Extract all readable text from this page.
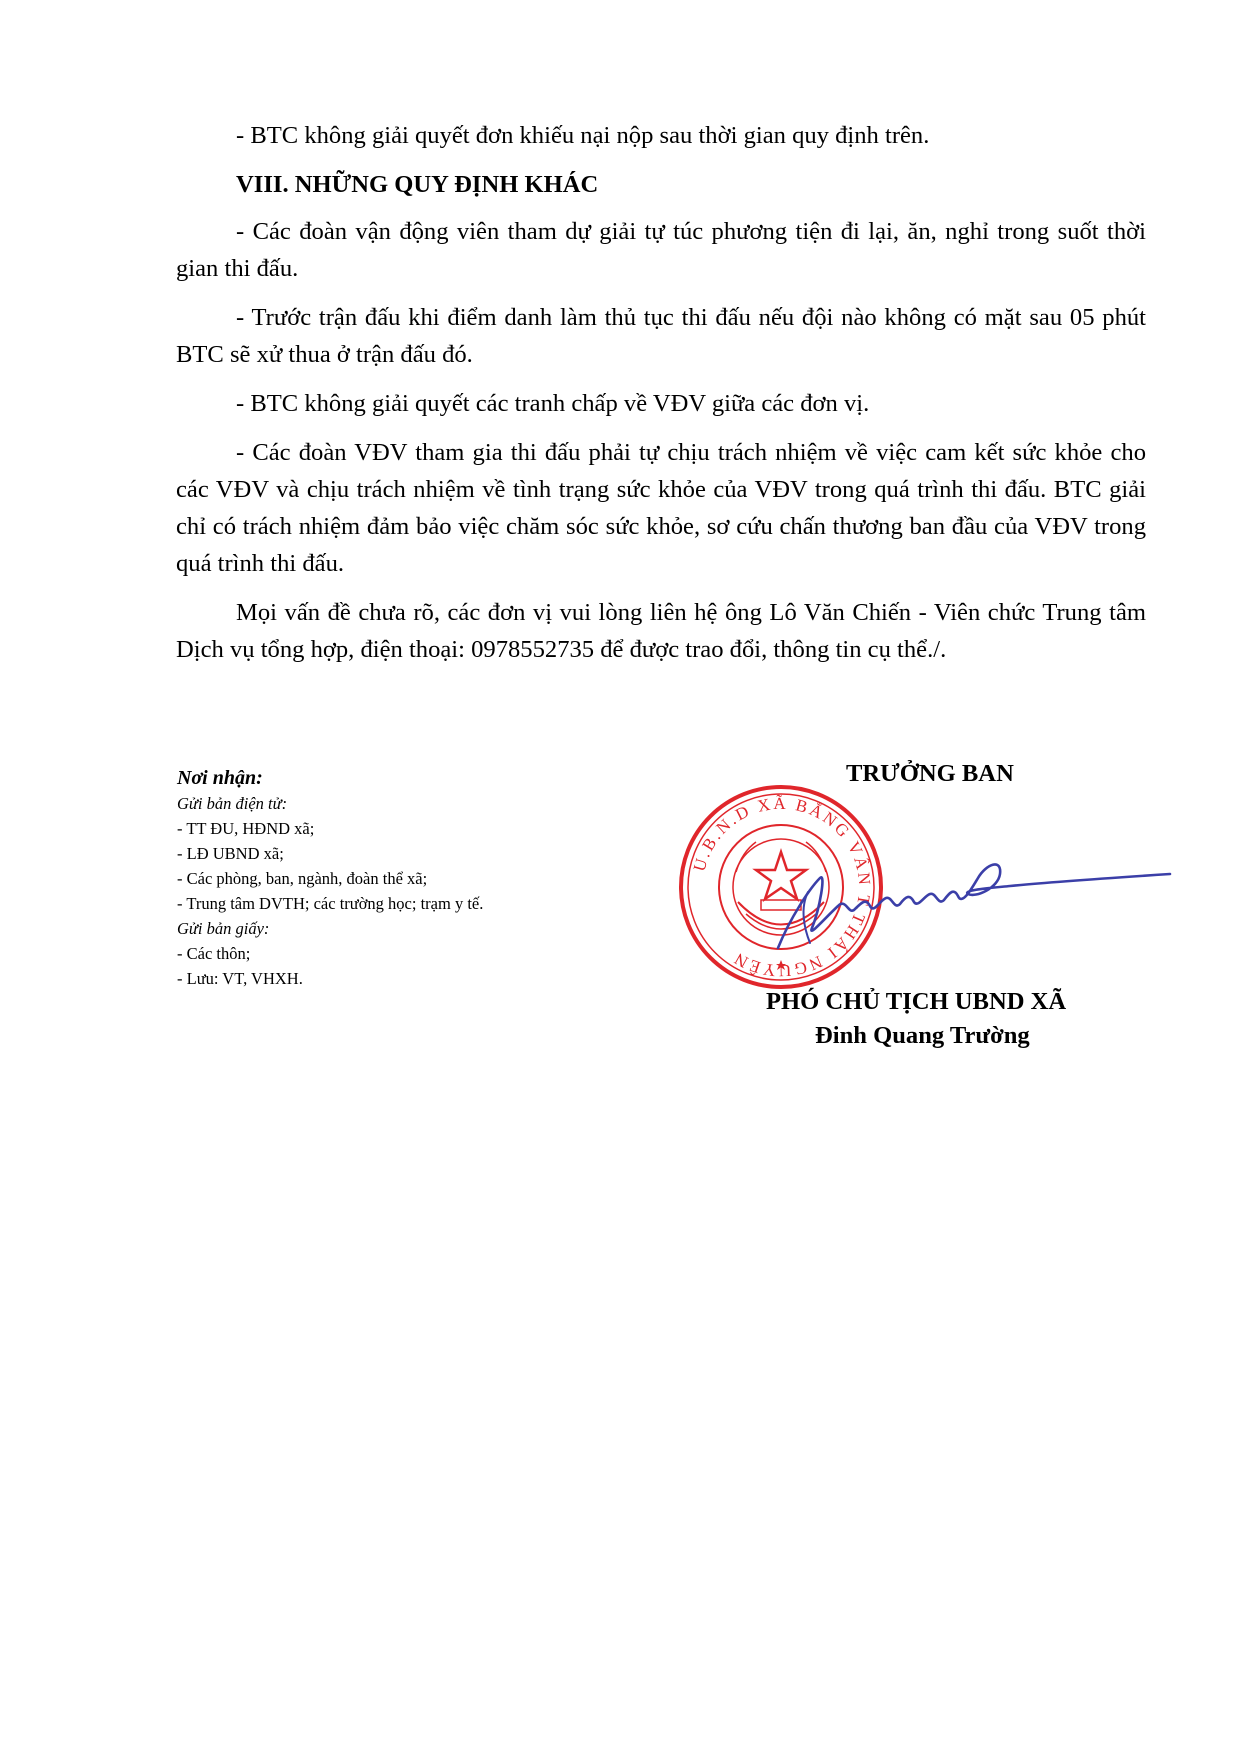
- BTC không giải quyết đơn khiếu nại nộp sau thời gian quy định trên.

VIII. NHỮNG QUY ĐỊNH KHÁC

- Các đoàn vận động viên tham dự giải tự túc phương tiện đi lại, ăn, nghỉ trong suốt thời gian thi đấu.

- Trước trận đấu khi điểm danh làm thủ tục thi đấu nếu đội nào không có mặt sau 05 phút BTC sẽ xử thua ở trận đấu đó.

- BTC không giải quyết các tranh chấp về VĐV giữa các đơn vị.

- Các đoàn VĐV tham gia thi đấu phải tự chịu trách nhiệm về việc cam kết sức khỏe cho các VĐV và chịu trách nhiệm về tình trạng sức khỏe của VĐV trong quá trình thi đấu. BTC giải chỉ có trách nhiệm đảm bảo việc chăm sóc sức khỏe, sơ cứu chấn thương ban đầu của VĐV trong quá trình thi đấu.

Mọi vấn đề chưa rõ, các đơn vị vui lòng liên hệ ông Lô Văn Chiến - Viên chức Trung tâm Dịch vụ tổng hợp, điện thoại: 0978552735 để được trao đổi, thông tin cụ thể./.

Nơi nhận:
Gửi bản điện tử:
- TT ĐU, HĐND xã;
- LĐ UBND xã;
- Các phòng, ban, ngành, đoàn thể xã;
- Trung tâm DVTH; các trường học; trạm y tế.
Gửi bản giấy:
- Các thôn;
- Lưu: VT, VHXH.
TRƯỞNG BAN
U.B.N.D XÃ BẰNG VÂN T.THÁI NGUYÊN
PHÓ CHỦ TỊCH UBND XÃ
Đinh Quang Trường
